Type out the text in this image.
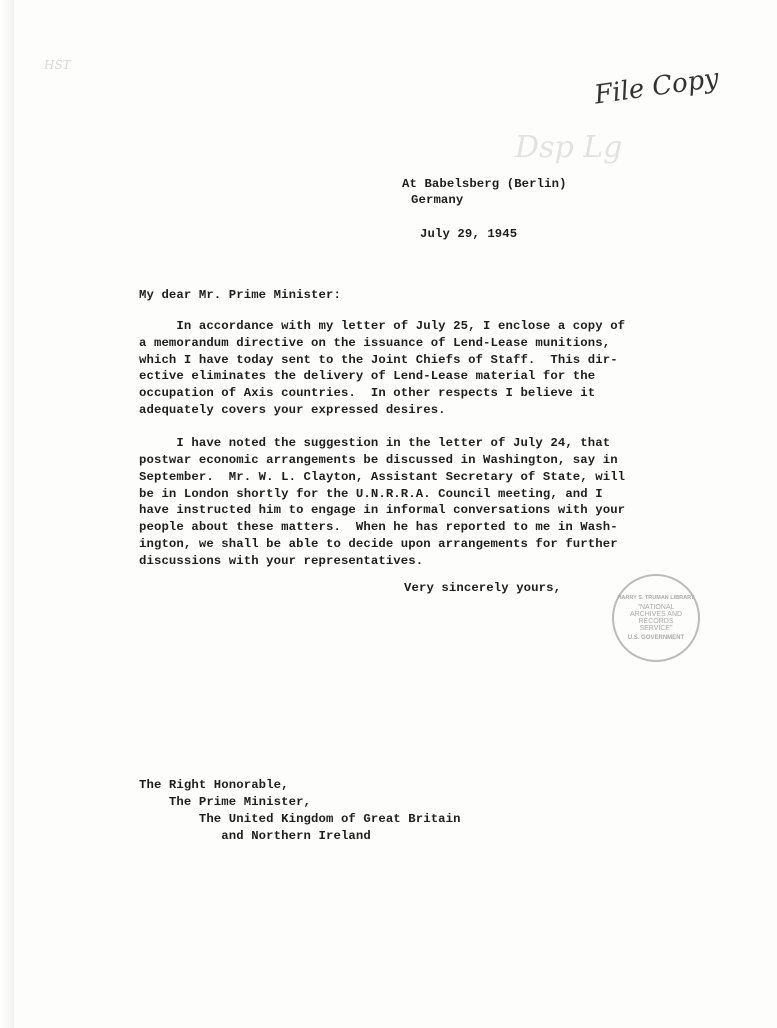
File Copy
Dsp Lg
HST
At Babelsberg (Berlin)
Germany
July 29, 1945
My dear Mr. Prime Minister:
In accordance with my letter of July 25, I enclose a copy of
a memorandum directive on the issuance of Lend-Lease munitions,
which I have today sent to the Joint Chiefs of Staff.  This dir-
ective eliminates the delivery of Lend-Lease material for the
occupation of Axis countries.  In other respects I believe it
adequately covers your expressed desires.
I have noted the suggestion in the letter of July 24, that
postwar economic arrangements be discussed in Washington, say in
September.  Mr. W. L. Clayton, Assistant Secretary of State, will
be in London shortly for the U.N.R.R.A. Council meeting, and I
have instructed him to engage in informal conversations with your
people about these matters.  When he has reported to me in Wash-
ington, we shall be able to decide upon arrangements for further
discussions with your representatives.
Very sincerely yours,
HARRY S. TRUMAN LIBRARY
"NATIONAL ARCHIVES AND RECORDS SERVICE"
U.S. GOVERNMENT
The Right Honorable,
The Prime Minister,
The United Kingdom of Great Britain
and Northern Ireland
